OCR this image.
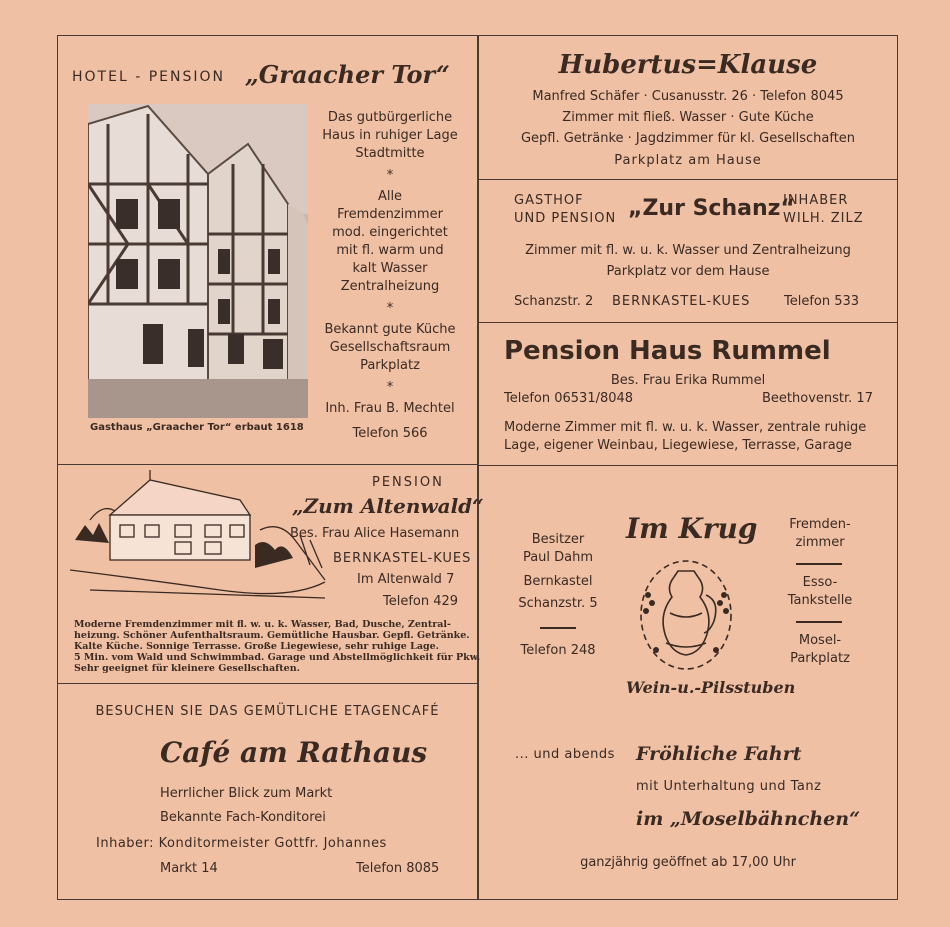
HOTEL - PENSION „Graacher Tor“
Gasthaus „Graacher Tor“ erbaut 1618
Das gutbürgerliche
Haus in ruhiger Lage
Stadtmitte
*
Alle
Fremdenzimmer
mod. eingerichtet
mit fl. warm und
kalt Wasser
Zentralheizung
*
Bekannt gute Küche
Gesellschaftsraum
Parkplatz
*
Inh. Frau B. Mechtel
Telefon 566
Hubertus=Klause
Manfred Schäfer · Cusanusstr. 26 · Telefon 8045
Zimmer mit fließ. Wasser · Gute Küche
Gepfl. Getränke · Jagdzimmer für kl. Gesellschaften
Parkplatz am Hause
GASTHOF
UND PENSION „Zur Schanz“
INHABER
WILH. ZILZ
Zimmer mit fl. w. u. k. Wasser und Zentralheizung
Parkplatz vor dem Hause
Schanzstr. 2 BERNKASTEL-KUES	Telefon 533
Pension Haus Rummel
Bes. Frau Erika Rummel
Telefon 06531/8048	Beethovenstr. 17
Moderne Zimmer mit fl. w. u. k. Wasser, zentrale ruhige
Lage, eigener Weinbau, Liegewiese, Terrasse, Garage
PENSION
„Zum Altenwald“
Bes. Frau Alice Hasemann
BERNKASTEL-KUES
Im Altenwald 7
Telefon 429
Moderne Fremdenzimmer mit fl. w. u. k. Wasser, Bad, Dusche, Zentral-
heizung. Schöner Aufenthaltsraum. Gemütliche Hausbar. Gepfl. Getränke.
Kalte Küche. Sonnige Terrasse. Große Liegewiese, sehr ruhige Lage.
5 Min. vom Wald und Schwimmbad. Garage und Abstellmöglichkeit für Pkw.
Sehr geeignet für kleinere Gesellschaften.
BESUCHEN SIE DAS GEMÜTLICHE ETAGENCAFÉ
Café am Rathaus
Herrlicher Blick zum Markt
Bekannte Fach-Konditorei
Inhaber: Konditormeister Gottfr. Johannes
Markt 14	Telefon 8085
Im Krug
Besitzer
Paul Dahm
Bernkastel
Schanzstr. 5
Telefon 248
Fremden-
zimmer
Esso-
Tankstelle
Mosel-
Parkplatz
Wein-u.-Pilsstuben
... und abends Fröhliche Fahrt
mit Unterhaltung und Tanz
im „Moselbähnchen“
ganzjährig geöffnet ab 17,00 Uhr
